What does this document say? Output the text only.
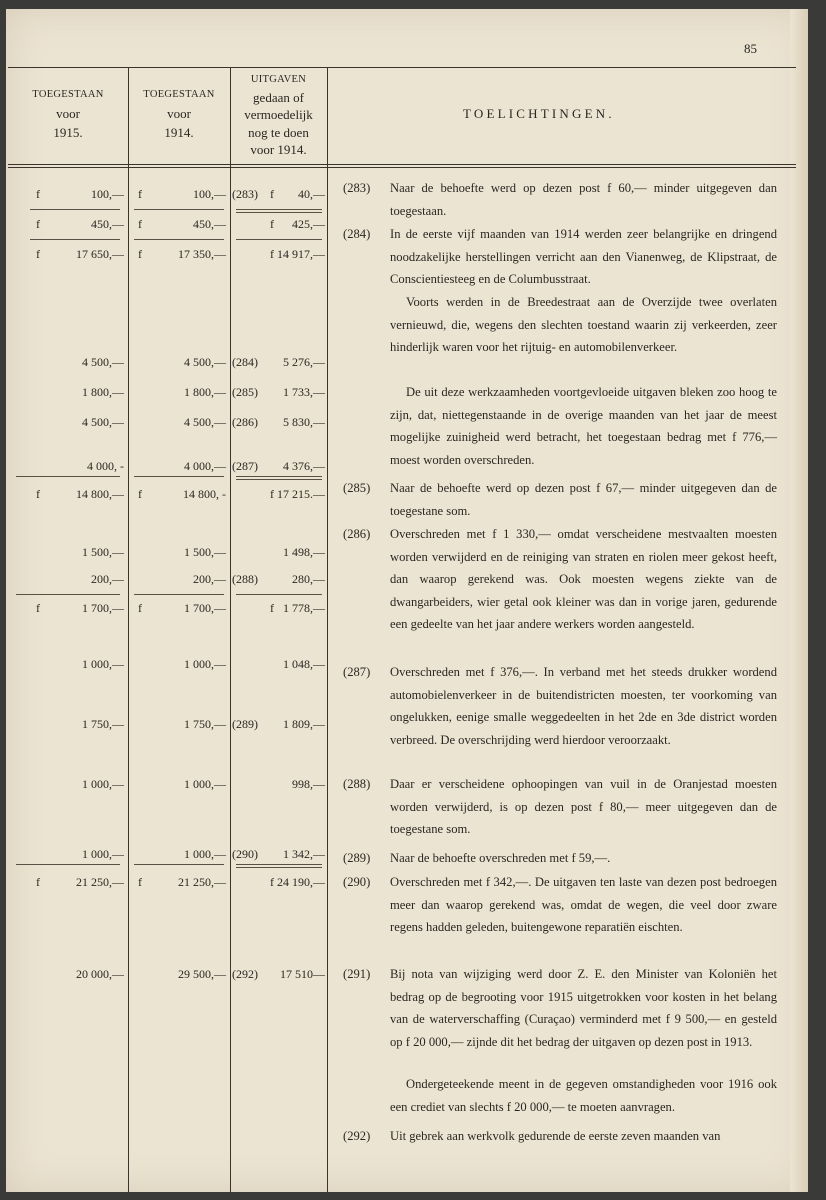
85
TOEGESTAAN
voor
1915.
TOEGESTAAN
voor
1914.
UITGAVEN
gedaan of
vermoedelijk
nog te doen
voor 1914.
TOELICHTINGEN.
f	100,— f	100,— (283)	f	40,—
f	450,— f	450,—	f	425,—
f	17 650,— f	17 350,—	f 14 917,—
4 500,—	4 500,— (284)	5 276,—
1 800,—	1 800,— (285)	1 733,—
4 500,—	4 500,— (286)	5 830,—
4 000, -	4 000,— (287)	4 376,—
f	14 800,— f	14 800, -	f 17 215.—
1 500,—	1 500,—	1 498,—
200,—	200,— (288)	280,—
f	1 700,— f	1 700,—	f 1 778,—
1 000,—	1 000,—	1 048,—
1 750,—	1 750,— (289)	1 809,—
1 000,—	1 000,—	998,—
1 000,—	1 000,— (290)	1 342,—
f	21 250,— f	21 250,—	f 24 190,—
20 000,—	29 500,— (292)	17 510—
(283) Naar de behoefte werd op dezen post f 60,— minder uitgegeven dan toegestaan.
(284) In de eerste vijf maanden van 1914 werden zeer belangrijke en dringend noodzakelijke herstellingen verricht aan den Vianenweg, de Klipstraat, de Conscientiesteeg en de Columbusstraat.
Voorts werden in de Breedestraat aan de Overzijde twee overlaten vernieuwd, die, wegens den slechten toestand waarin zij verkeerden, zeer hinderlijk waren voor het rijtuig- en automobilenverkeer.
De uit deze werkzaamheden voortgevloeide uitgaven bleken zoo hoog te zijn, dat, niettegenstaande in de overige maanden van het jaar de meest mogelijke zuinigheid werd betracht, het toegestaan bedrag met f 776,— moest worden overschreden.
(285) Naar de behoefte werd op dezen post f 67,— minder uitgegeven dan de toegestane som.
(286) Overschreden met f 1 330,— omdat verscheidene mestvaalten moesten worden verwijderd en de reiniging van straten en riolen meer gekost heeft, dan waarop gerekend was. Ook moesten wegens ziekte van de dwangarbeiders, wier getal ook kleiner was dan in vorige jaren, gedurende een gedeelte van het jaar andere werkers worden aangesteld.
(287) Overschreden met f 376,—. In verband met het steeds drukker wordend automobielenverkeer in de buitendistricten moesten, ter voorkoming van ongelukken, eenige smalle weggedeelten in het 2de en 3de district worden verbreed. De overschrijding werd hierdoor veroorzaakt.
(288) Daar er verscheidene ophoopingen van vuil in de Oranjestad moesten worden verwijderd, is op dezen post f 80,— meer uitgegeven dan de toegestane som.
(289) Naar de behoefte overschreden met f 59,—.
(290) Overschreden met f 342,—. De uitgaven ten laste van dezen post bedroegen meer dan waarop gerekend was, omdat de wegen, die veel door zware regens hadden geleden, buitengewone reparatiën eischten.
(291) Bij nota van wijziging werd door Z. E. den Minister van Koloniën het bedrag op de begrooting voor 1915 uitgetrokken voor kosten in het belang van de waterverschaffing (Curaçao) verminderd met f 9 500,— en gesteld op f 20 000,— zijnde dit het bedrag der uitgaven op dezen post in 1913.
Ondergeteekende meent in de gegeven omstandigheden voor 1916 ook een crediet van slechts f 20 000,— te moeten aanvragen.
(292) Uit gebrek aan werkvolk gedurende de eerste zeven maanden van
